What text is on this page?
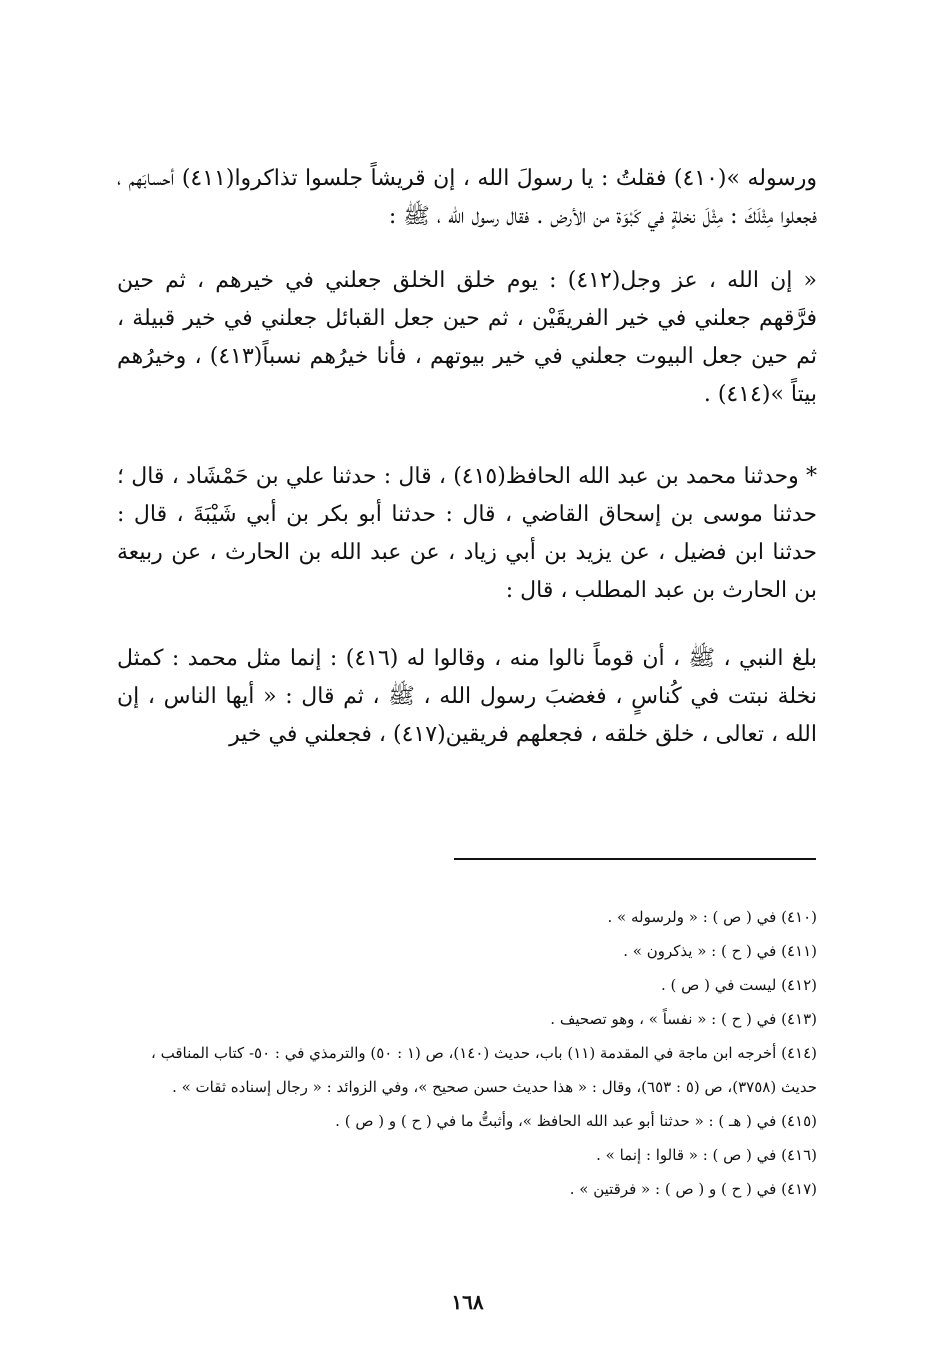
ورسوله »(٤١٠) فقلتُ : يا رسولَ الله ، إن قريشاً جلسوا تذاكروا(٤١١) أحسابَهم ، فجعلوا مِثْلَكَ : مِثْلَ نخلةٍ في كَبْوَة من الأرض . فقال رسول الله ، ﷺ :

« إن الله ، عز وجل(٤١٢) : يوم خلق الخلق جعلني في خيرهم ، ثم حين فرَّقهم جعلني في خير الفريقَيْن ، ثم حين جعل القبائل جعلني في خير قبيلة ، ثم حين جعل البيوت جعلني في خير بيوتهم ، فأنا خيرُهم نسباً(٤١٣) ، وخيرُهم بيتاً »(٤١٤) .

* وحدثنا محمد بن عبد الله الحافظ(٤١٥) ، قال : حدثنا علي بن حَمْشَاد ، قال ؛ حدثنا موسى بن إسحاق القاضي ، قال : حدثنا أبو بكر بن أبي شَيْبَةَ ، قال : حدثنا ابن فضيل ، عن يزيد بن أبي زياد ، عن عبد الله بن الحارث ، عن ربيعة بن الحارث بن عبد المطلب ، قال :

بلغ النبي ، ﷺ ، أن قوماً نالوا منه ، وقالوا له (٤١٦) : إنما مثل محمد : كمثل نخلة نبتت في كُناسٍ ، فغضبَ رسول الله ، ﷺ ، ثم قال : « أيها الناس ، إن الله ، تعالى ، خلق خلقه ، فجعلهم فريقين(٤١٧) ، فجعلني في خير

(٤١٠) في ( ص ) : « ولرسوله » .
(٤١١) في ( ح ) : « يذكرون » .
(٤١٢) ليست في ( ص ) .
(٤١٣) في ( ح ) : « نفساً » ، وهو تصحيف .
(٤١٤) أخرجه ابن ماجة في المقدمة (١١) باب، حديث (١٤٠)، ص (١ : ٥٠) والترمذي في : ٥٠- كتاب المناقب ، حديث (٣٧٥٨)، ص (٥ : ٦٥٣)، وقال : « هذا حديث حسن صحيح »، وفي الزوائد : « رجال إسناده ثقات » .
(٤١٥) في ( هـ ) : « حدثنا أبو عبد الله الحافظ »، وأثبتُّ ما في ( ح ) و ( ص ) .
(٤١٦) في ( ص ) : « قالوا : إنما » .
(٤١٧) في ( ح ) و ( ص ) : « فرقتين » .
١٦٨
